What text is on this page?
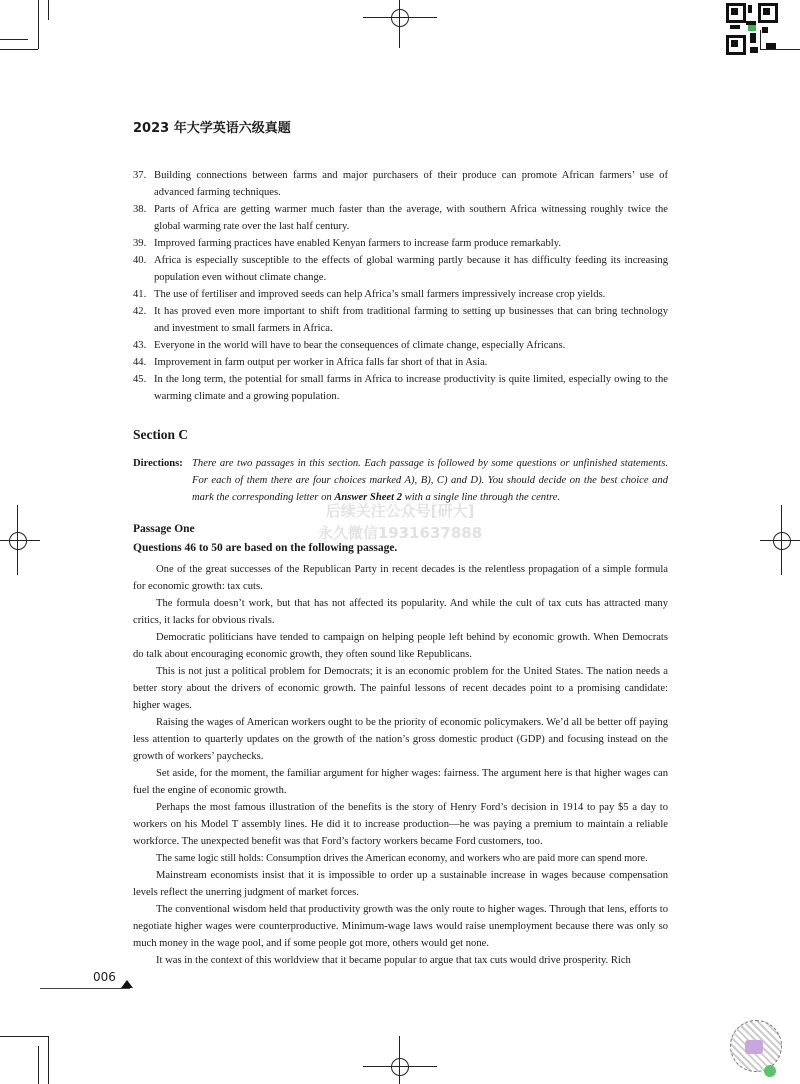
2023 年大学英语六级真题
37. Building connections between farms and major purchasers of their produce can promote African farmers’ use of advanced farming techniques.
38. Parts of Africa are getting warmer much faster than the average, with southern Africa witnessing roughly twice the global warming rate over the last half century.
39. Improved farming practices have enabled Kenyan farmers to increase farm produce remarkably.
40. Africa is especially susceptible to the effects of global warming partly because it has difficulty feeding its increasing population even without climate change.
41. The use of fertiliser and improved seeds can help Africa’s small farmers impressively increase crop yields.
42. It has proved even more important to shift from traditional farming to setting up businesses that can bring technology and investment to small farmers in Africa.
43. Everyone in the world will have to bear the consequences of climate change, especially Africans.
44. Improvement in farm output per worker in Africa falls far short of that in Asia.
45. In the long term, the potential for small farms in Africa to increase productivity is quite limited, especially owing to the warming climate and a growing population.
Section C
Directions: There are two passages in this section. Each passage is followed by some questions or unfinished statements. For each of them there are four choices marked A), B), C) and D). You should decide on the best choice and mark the corresponding letter on Answer Sheet 2 with a single line through the centre.
后续关注公众号[研大]
永久微信1931637888
Passage One
Questions 46 to 50 are based on the following passage.

One of the great successes of the Republican Party in recent decades is the relentless propagation of a simple formula for economic growth: tax cuts.

The formula doesn’t work, but that has not affected its popularity. And while the cult of tax cuts has attracted many critics, it lacks for obvious rivals.

Democratic politicians have tended to campaign on helping people left behind by economic growth. When Democrats do talk about encouraging economic growth, they often sound like Republicans.

This is not just a political problem for Democrats; it is an economic problem for the United States. The nation needs a better story about the drivers of economic growth. The painful lessons of recent decades point to a promising candidate: higher wages.

Raising the wages of American workers ought to be the priority of economic policymakers. We’d all be better off paying less attention to quarterly updates on the growth of the nation’s gross domestic product (GDP) and focusing instead on the growth of workers’ paychecks.

Set aside, for the moment, the familiar argument for higher wages: fairness. The argument here is that higher wages can fuel the engine of economic growth.

Perhaps the most famous illustration of the benefits is the story of Henry Ford’s decision in 1914 to pay $5 a day to workers on his Model T assembly lines. He did it to increase production—he was paying a premium to maintain a reliable workforce. The unexpected benefit was that Ford’s factory workers became Ford customers, too.

The same logic still holds: Consumption drives the American economy, and workers who are paid more can spend more.

Mainstream economists insist that it is impossible to order up a sustainable increase in wages because compensation levels reflect the unerring judgment of market forces.

The conventional wisdom held that productivity growth was the only route to higher wages. Through that lens, efforts to negotiate higher wages were counterproductive. Minimum-wage laws would raise unemployment because there was only so much money in the wage pool, and if some people got more, others would get none.

It was in the context of this worldview that it became popular to argue that tax cuts would drive prosperity. Rich

006
